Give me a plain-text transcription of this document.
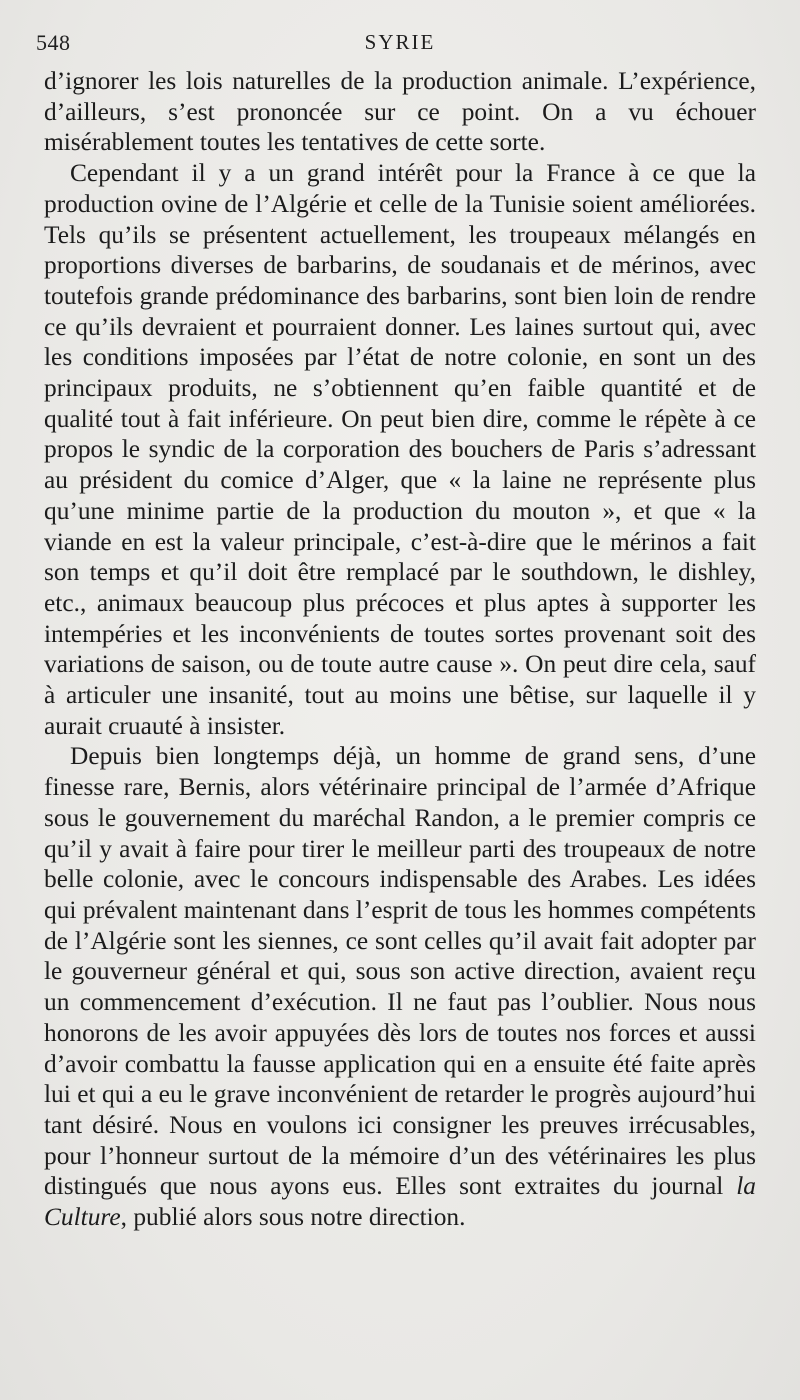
548	SYRIE

d’ignorer les lois naturelles de la production animale. L’expérience, d’ailleurs, s’est prononcée sur ce point. On a vu échouer misérablement toutes les tentatives de cette sorte.

Cependant il y a un grand intérêt pour la France à ce que la production ovine de l’Algérie et celle de la Tunisie soient améliorées. Tels qu’ils se présentent actuellement, les troupeaux mélangés en proportions diverses de barbarins, de soudanais et de mérinos, avec toutefois grande prédominance des barbarins, sont bien loin de rendre ce qu’ils devraient et pourraient donner. Les laines surtout qui, avec les conditions imposées par l’état de notre colonie, en sont un des principaux produits, ne s’obtiennent qu’en faible quantité et de qualité tout à fait inférieure. On peut bien dire, comme le répète à ce propos le syndic de la corporation des bouchers de Paris s’adressant au président du comice d’Alger, que « la laine ne représente plus qu’une minime partie de la production du mouton », et que « la viande en est la valeur principale, c’est-à-dire que le mérinos a fait son temps et qu’il doit être remplacé par le southdown, le dishley, etc., animaux beaucoup plus précoces et plus aptes à supporter les intempéries et les inconvénients de toutes sortes provenant soit des variations de saison, ou de toute autre cause ». On peut dire cela, sauf à articuler une insanité, tout au moins une bêtise, sur laquelle il y aurait cruauté à insister.

Depuis bien longtemps déjà, un homme de grand sens, d’une finesse rare, Bernis, alors vétérinaire principal de l’armée d’Afrique sous le gouvernement du maréchal Randon, a le premier compris ce qu’il y avait à faire pour tirer le meilleur parti des troupeaux de notre belle colonie, avec le concours indispensable des Arabes. Les idées qui prévalent maintenant dans l’esprit de tous les hommes compétents de l’Algérie sont les siennes, ce sont celles qu’il avait fait adopter par le gouverneur général et qui, sous son active direction, avaient reçu un commencement d’exécution. Il ne faut pas l’oublier. Nous nous honorons de les avoir appuyées dès lors de toutes nos forces et aussi d’avoir combattu la fausse application qui en a ensuite été faite après lui et qui a eu le grave inconvénient de retarder le progrès aujourd’hui tant désiré. Nous en voulons ici consigner les preuves irrécusables, pour l’honneur surtout de la mémoire d’un des vétérinaires les plus distingués que nous ayons eus. Elles sont extraites du journal la Culture, publié alors sous notre direction.
